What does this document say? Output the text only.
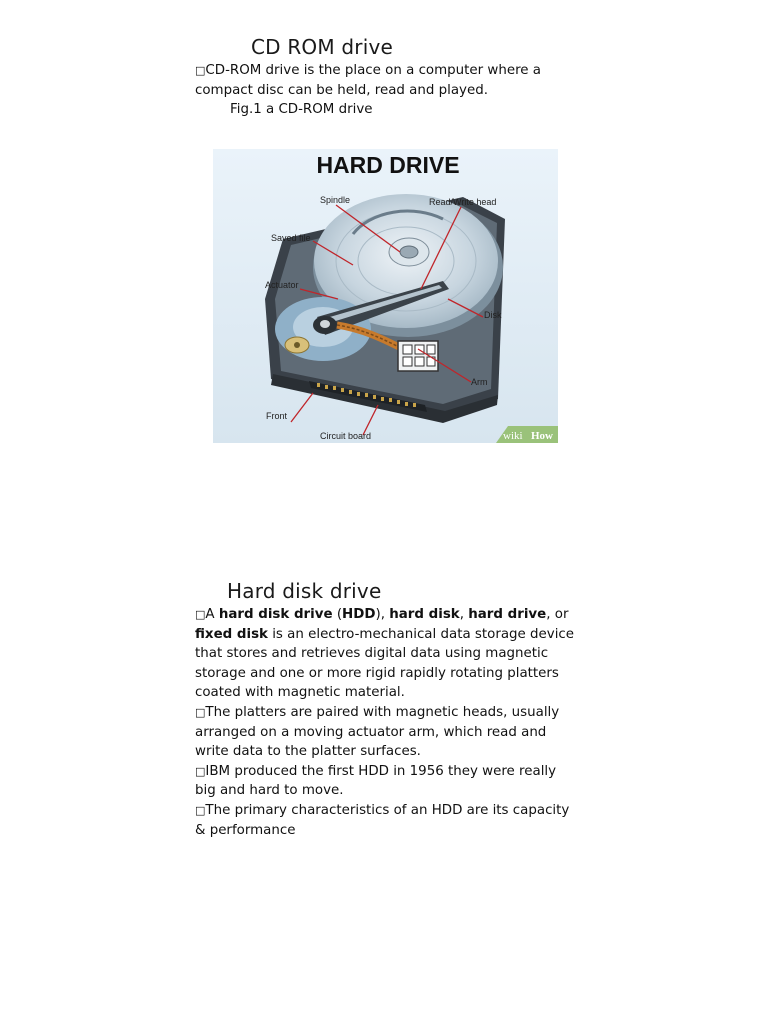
CD ROM drive

□CD-ROM drive is the place on a computer where a compact disc can be held, read and played.

Fig.1 a CD-ROM drive

HARD DRIVE
Spindle	Read/Write head
Saved file
Actuator
Disk
Arm
Front
Circuit board	wiki How
Hard disk drive

□A hard disk drive (HDD), hard disk, hard drive, or fixed disk is an electro-mechanical data storage device that stores and retrieves digital data using magnetic storage and one or more rigid rapidly rotating platters coated with magnetic material.

□The platters are paired with magnetic heads, usually arranged on a moving actuator arm, which read and write data to the platter surfaces.

□IBM produced the first HDD in 1956 they were really big and hard to move.

□The primary characteristics of an HDD are its capacity & performance
